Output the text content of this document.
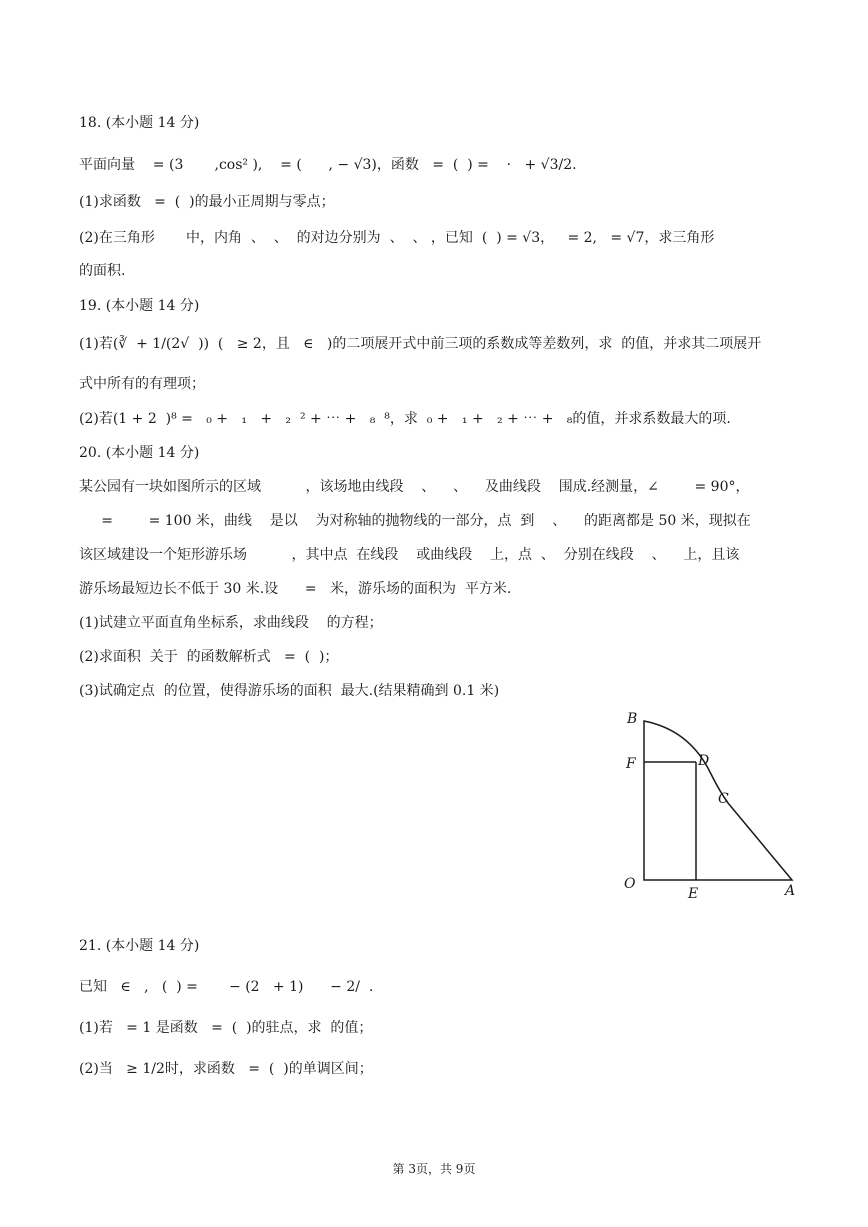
18. (本小题 14 分)
平面向量    = (3       ,cos² ),    = (      , − √3)，函数   =  (  ) =    ·   + √3/2.
(1)求函数   =  (  )的最小正周期与零点；
(2)在三角形       中，内角  、  、  的对边分别为  、  、 ，已知  (  ) = √3，   = 2,   = √7，求三角形
的面积.
19. (本小题 14 分)
(1)若(∛  + 1/(2√  ))  (   ≥ 2，且   ∈   )的二项展开式中前三项的系数成等差数列，求  的值，并求其二项展开
式中所有的有理项；
(2)若(1 + 2  )⁸ =   ₀ +   ₁   +   ₂  ² + ⋯ +   ₈  ⁸，求  ₀ +   ₁ +   ₂ + ⋯ +   ₈的值，并求系数最大的项.
20. (本小题 14 分)
某公园有一块如图所示的区域          ，该场地由线段    、    、    及曲线段    围成.经测量，∠        = 90°，
=        = 100 米，曲线    是以    为对称轴的抛物线的一部分，点  到    、    的距离都是 50 米，现拟在
该区域建设一个矩形游乐场          ，其中点  在线段    或曲线段    上，点  、  分别在线段    、    上，且该
游乐场最短边长不低于 30 米.设      =   米，游乐场的面积为  平方米.
(1)试建立平面直角坐标系，求曲线段    的方程；
(2)求面积  关于  的函数解析式   =  (  )；
(3)试确定点  的位置，使得游乐场的面积  最大.(结果精确到 0.1 米)
21. (本小题 14 分)
已知   ∈   ,   (  ) =       − (2   + 1)      − 2/  .
(1)若   = 1 是函数   =  (  )的驻点，求  的值；
(2)当   ≥ 1/2时，求函数   =  (  )的单调区间；
B
F	D
C
O
E	A
第 3页，共 9页
